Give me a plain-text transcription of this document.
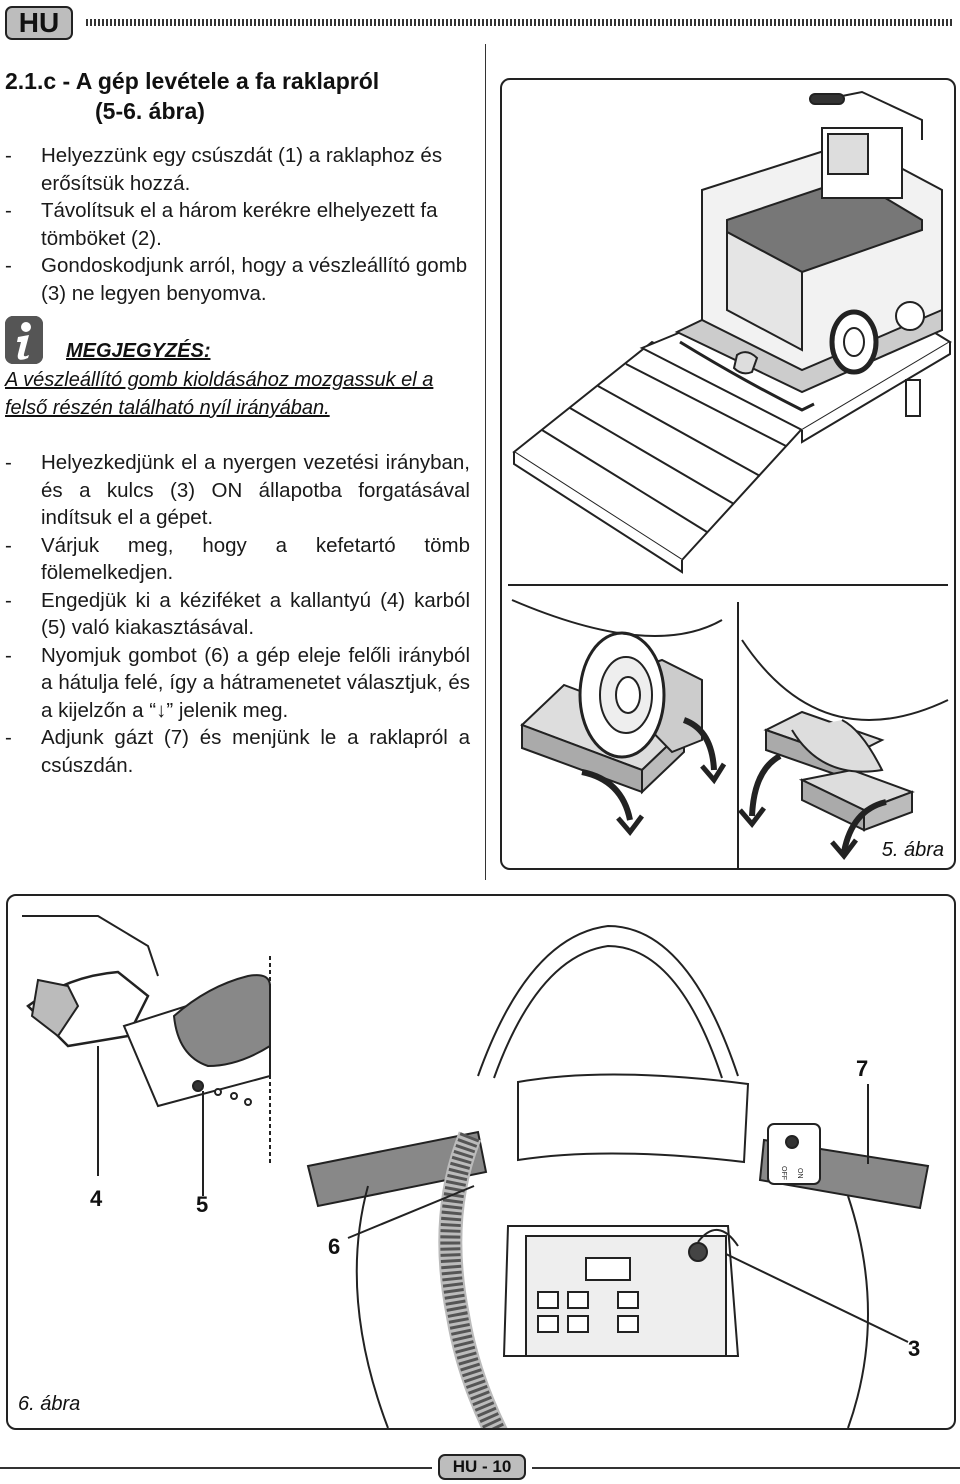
HU
2.1.c - A gép levétele a fa raklapról
(5-6. ábra)
- Helyezzünk egy csúszdát (1) a raklaphoz és erősítsük hozzá.
- Távolítsuk el a három kerékre elhelyezett fa tömböket (2).
- Gondoskodjunk arról, hogy a vészleállító gomb (3) ne legyen benyomva.
MEGJEGYZÉS:
A vészleállító gomb kioldásához mozgassuk el a felső részén található nyíl irányában.
- Helyezkedjünk el a nyergen vezetési irányban, és a kulcs (3) ON állapotba forgatásával indítsuk el a gépet.
- Várjuk meg, hogy a kefetartó tömb fölemelkedjen.
- Engedjük ki a kéziféket a kallantyú (4) karból (5) való kiakasztásával.
- Nyomjuk gombot (6) a gép eleje felőli irányból a hátulja felé, így a hátramenetet választjuk, és a kijelzőn a “↓” jelenik meg.
- Adjunk gázt (7) és menjünk le a raklapról a csúszdán.
5. ábra
OFF ON
4	5
6
7
3
6. ábra
HU - 10
